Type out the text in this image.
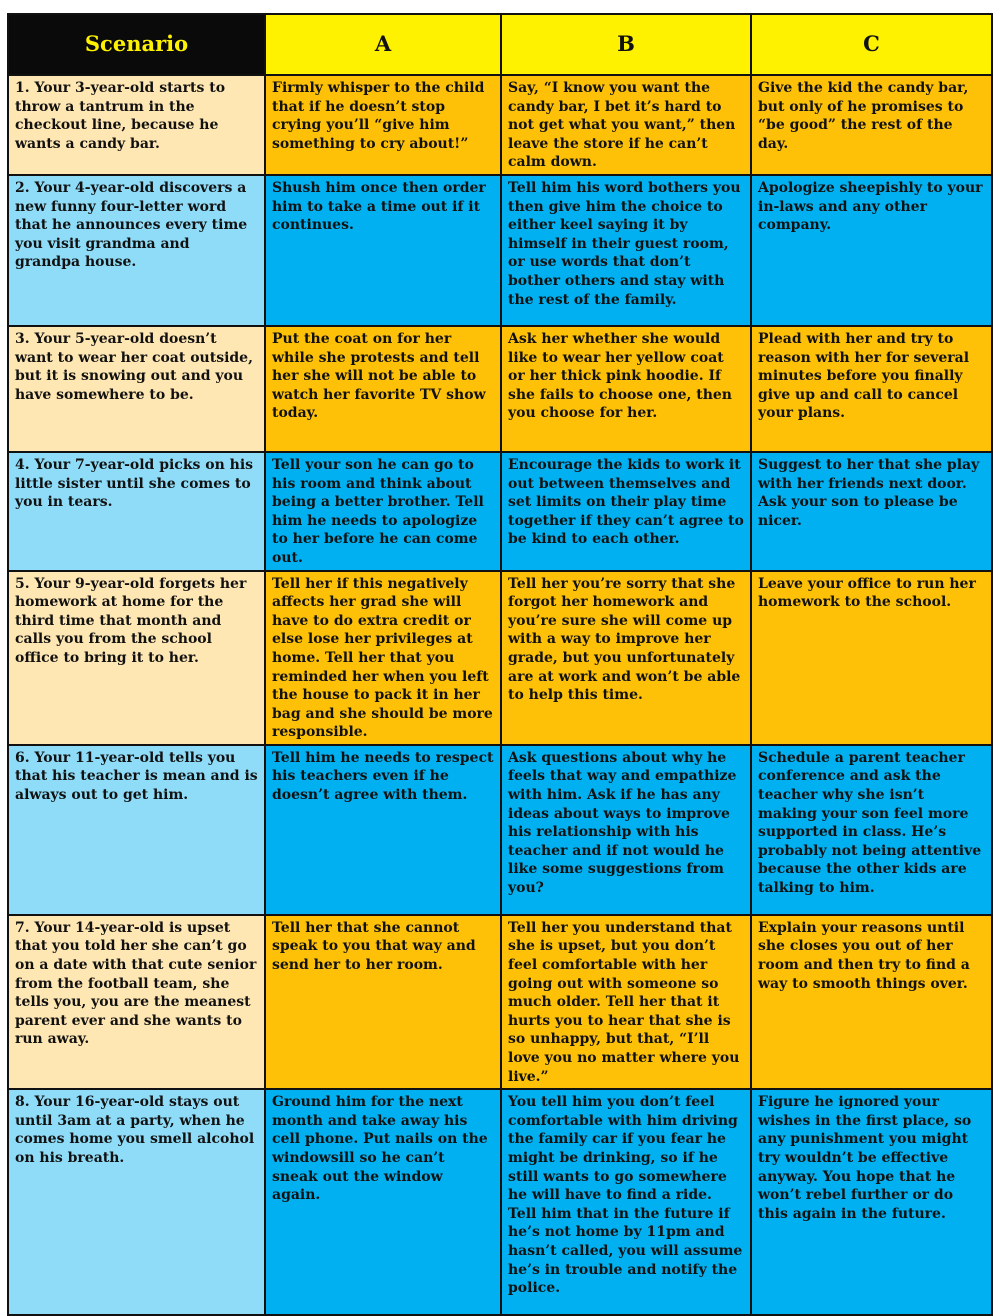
Scenario	A	B	C
1. Your 3-year-old starts to throw a tantrum in the checkout line, because he wants a candy bar.	Firmly whisper to the child that if he doesn’t stop crying you’ll “give him something to cry about!”	Say, “I know you want the candy bar, I bet it’s hard to not get what you want,” then leave the store if he can’t calm down.	Give the kid the candy bar, but only of he promises to “be good” the rest of the day.
2. Your 4-year-old discovers a new funny four-letter word that he announces every time you visit grandma and grandpa house.	Shush him once then order him to take a time out if it continues.	Tell him his word bothers you then give him the choice to either keel saying it by himself in their guest room, or use words that don’t bother others and stay with the rest of the family.	Apologize sheepishly to your in-laws and any other company.
3. Your 5-year-old doesn’t want to wear her coat outside, but it is snowing out and you have somewhere to be.	Put the coat on for her while she protests and tell her she will not be able to watch her favorite TV show today.	Ask her whether she would like to wear her yellow coat or her thick pink hoodie. If she fails to choose one, then you choose for her.	Plead with her and try to reason with her for several minutes before you finally give up and call to cancel your plans.
4. Your 7-year-old picks on his little sister until she comes to you in tears.	Tell your son he can go to his room and think about being a better brother. Tell him he needs to apologize to her before he can come out.	Encourage the kids to work it out between themselves and set limits on their play time together if they can’t agree to be kind to each other.	Suggest to her that she play with her friends next door. Ask your son to please be nicer.
5. Your 9-year-old forgets her homework at home for the third time that month and calls you from the school office to bring it to her.	Tell her if this negatively affects her grad she will have to do extra credit or else lose her privileges at home. Tell her that you reminded her when you left the house to pack it in her bag and she should be more responsible.	Tell her you’re sorry that she forgot her homework and you’re sure she will come up with a way to improve her grade, but you unfortunately are at work and won’t be able to help this time.	Leave your office to run her homework to the school.
6. Your 11-year-old tells you that his teacher is mean and is always out to get him.	Tell him he needs to respect his teachers even if he doesn’t agree with them.	Ask questions about why he feels that way and empathize with him. Ask if he has any ideas about ways to improve his relationship with his teacher and if not would he like some suggestions from you?	Schedule a parent teacher conference and ask the teacher why she isn’t making your son feel more supported in class. He’s probably not being attentive because the other kids are talking to him.
7. Your 14-year-old is upset that you told her she can’t go on a date with that cute senior from the football team, she tells you, you are the meanest parent ever and she wants to run away.	Tell her that she cannot speak to you that way and send her to her room.	Tell her you understand that she is upset, but you don’t feel comfortable with her going out with someone so much older. Tell her that it hurts you to hear that she is so unhappy, but that, “I’ll love you no matter where you live.”	Explain your reasons until she closes you out of her room and then try to find a way to smooth things over.
8. Your 16-year-old stays out until 3am at a party, when he comes home you smell alcohol on his breath.	Ground him for the next month and take away his cell phone. Put nails on the windowsill so he can’t sneak out the window again.	You tell him you don’t feel comfortable with him driving the family car if you fear he might be drinking, so if he still wants to go somewhere he will have to find a ride. Tell him that in the future if he’s not home by 11pm and hasn’t called, you will assume he’s in trouble and notify the police.	Figure he ignored your wishes in the first place, so any punishment you might try wouldn’t be effective anyway. You hope that he won’t rebel further or do this again in the future.
